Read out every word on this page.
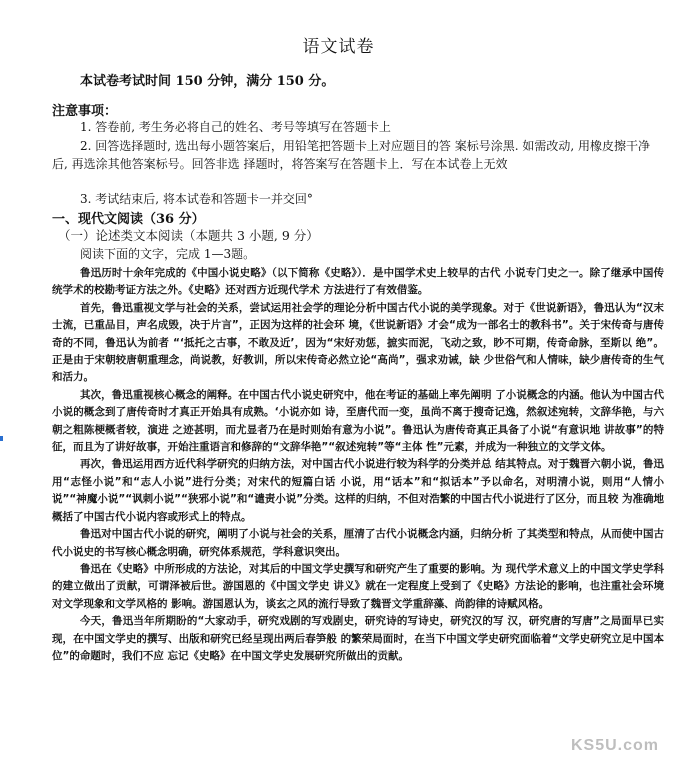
语文试卷
本试卷考试时间 150 分钟，满分 150 分。
注意事项：
1. 答卷前, 考生务必将自己的姓名、考号等填写在答题卡上
2. 回答选择题时, 选出每小题答案后，用铅笔把答题卡上对应题目的答 案标号涂黑. 如需改动, 用橡皮擦干净后, 再选涂其他答案标号。回答非选 择题时，将答案写在答题卡上．写在本试卷上无效
3. 考试结束后, 将本试卷和答题卡一并交回°
一、现代文阅读（36 分）
（一）论述类文本阅读（本题共 3 小题, 9 分）
阅读下面的文字，完成 1—3题。

鲁迅历时十余年完成的《中国小说史略》（以下简称《史略》）．是中国学术史上较早的古代 小说专门史之一。除了继承中国传统学术的校勘考证方法之外。《史略》还对西方近现代学术 方法进行了有效借鉴。

首先，鲁迅重视文学与社会的关系，尝试运用社会学的理论分析中国古代小说的美学现象。对于《世说新语》，鲁迅认为“汉末士流，已重品目，声名成毁，决于片言”，正因为这样的社会环 境，《世说新语》才会“成为一部名士的教科书”。关于宋传奇与唐传奇的不同，鲁迅认为前者 “‘抵托之古事，不敢及近’，因为“宋好劝惩，摭实而泥，飞动之致，眇不可期，传奇命脉，至斯以 绝”。正是由于宋朝较唐朝重理念，尚说教，好教训，所以宋传奇必然立论“高尚”，强求劝诫，缺 少世俗气和人情味，缺少唐传奇的生气和活力。

其次，鲁迅重视核心概念的阐释。在中国古代小说史研究中，他在考证的基础上率先阐明 了小说概念的内涵。他认为中国古代小说的概念到了唐传奇时才真正开始具有成熟。‘小说亦如 诗，至唐代而一变，虽尚不离于搜奇记逸，然叙述宛转，文辞华艳，与六朝之粗陈梗概者较，演进 之迹甚明，而尤显者乃在是时则始有意为小说”。鲁迅认为唐传奇真正具备了小说“有意识地 讲故事”的特征，而且为了讲好故事，开始注重语言和修辞的“文辞华艳”“叙述宛转”等“主体 性”元素，并成为一种独立的文学文体。

再次，鲁迅运用西方近代科学研究的归纳方法，对中国古代小说进行较为科学的分类并总 结其特点。对于魏晋六朝小说，鲁迅用“志怪小说”和“志人小说”进行分类；对宋代的短篇白话 小说，用“话本”和“拟话本”予以命名，对明清小说，则用“人情小说”“神魔小说”“讽刺小说”“狭邪小说”和“谴责小说”分类。这样的归纳，不但对浩繁的中国古代小说进行了区分，而且较 为准确地概括了中国古代小说内容或形式上的特点。

鲁迅对中国古代小说的研究，阐明了小说与社会的关系，厘清了古代小说概念内涵，归纳分析 了其类型和特点，从而使中国古代小说史的书写核心概念明确，研究体系规范，学科意识突出。

鲁迅在《史略》中所形成的方法论，对其后的中国文学史撰写和研究产生了重要的影响。为 现代学术意义上的中国文学史学科的建立做出了贡献，可谓泽被后世。游国恩的《中国文学史 讲义》就在一定程度上受到了《史略》方法论的影响，也注重社会环境对文学现象和文学风格的 影响。游国恩认为，谈玄之风的流行导致了魏晋文学重辞藻、尚韵律的诗赋风格。

今天，鲁迅当年所期盼的“大家动手，研究戏剧的写戏剧史，研究诗的写诗史，研究汉的写 汉，研究唐的写唐”之局面早已实现，在中国文学史的撰写、出版和研究已经呈现出两后春笋般 的繁荣局面时，在当下中国文学史研究面临着“文学史研究立足中国本位”的命题时，我们不应 忘记《史略》在中国文学史发展研究所做出的贡献。

KS5U.com
